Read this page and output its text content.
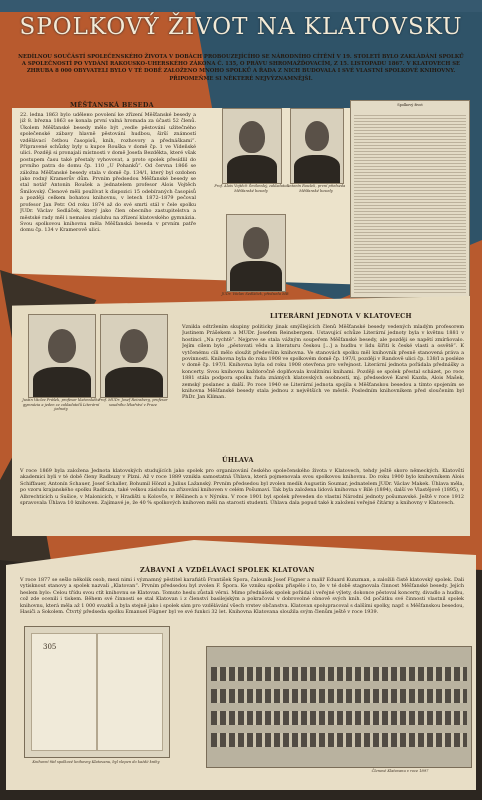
SPOLKOVÝ ŽIVOT NA KLATOVSKU
NEDÍLNOU SOUČÁSTÍ SPOLEČENSKÉHO ŽIVOTA V DOBÁCH PROBOUZEJÍCÍHO SE NÁRODNÍHO CÍTĚNÍ V 19. STOLETÍ BYLO ZAKLÁDÁNÍ SPOLKŮ A SPOLEČNOSTÍ PO VYDÁNÍ RAKOUSKO-UHERSKÉHO ZÁKONA Č. 135, O PRÁVU SHROMAŽĎOVACÍM, Z 15. LISTOPADU 1867. V KLATOVECH SE ZHRUBA 8 000 OBYVATELI BYLO V TÉ DOBĚ ZALOŽENO MNOHO SPOLKŮ A ŘADA Z NICH BUDOVALA I SVÉ VLASTNÍ SPOLKOVÉ KNIHOVNY. PŘIPOMEŇME SI NĚKTERÉ NEJVÝZNAMNĚJŠÍ.
MĚŠŤANSKÁ BESEDA
22. ledna 1863 bylo udělено povolení ke zřízení Měšťanské besedy a již 8. března 1863 se konala první valná hromada za účasti 52 členů. Úkolem Měšťanské besedy mělo být „vedle pěstování užitečného společenské zábavy hlavně pěstování hudbou, širší známostí vzdělávací četbou časopisů, knih, rozhovory a přednáškami“. Připravené schůzky byly u kupce Rouška v domě čp. 1 ve Vídeňské ulici. Později si pronajali místnosti v domě Josefa Bezděkta, které však postupem času také přestaly vyhovovat, a proto spolek přesídlil do prvního patra do domu čp. 110 „U Pohanků“. Od června 1866 se záložna Měšťanské besedy stala v domě čp. 134/1, který byl ozdoben jako rodný Kramerův dům. Prvním předsedou Měšťanské besedy se stal notář Antonín Roušek a jednatelem profesor Alois Vojtěch Šmilovský. Členové měli používat k dispozici 15 odebíraných časopisů a později celkem bohatou knihovnu, v letech 1872–1879 pečoval profesor Jan Petr. Od roku 1874 až do své smrti stál v čele spolku JUDr. Václav Sedláček, který jako člen obecního zastupitelstva a městské rady měl i nemalou zásluhu na zřízení klatovského gymnázia. Svou spolkovou knihovnu měla Měšťanská beseda v prvním patře domu čp. 134 v Kramerově ulici.
Prof. Alois Vojtěch Šmilovský, zakladatel Měšťanské besedy
Antonín Roušek, první předseda Měšťanské besedy
JUDr. Václav Sedláček, předseda MB
Spolkový život
Justin Václav Prášek, profesor klatovského gymnázia a jeden ze zakladatelů Literární jednoty
Prof. MUDr. Josef Reinsberg, profesor soudního lékařství v Praze
LITERÁRNÍ JEDNOTA V KLATOVECH
Vznikla odtržením skupiny politicky jinak smýšlejících členů Měšťanské besedy vedených mladým profesorem Justinem Prášekem a MUDr. Josefem Reinsbergem. Ustavující schůze Literární jednoty byla v květnu 1881 v hostinci „Na rychtě“. Nejprve se stala vážným soupeřem Měšťanské besedy, ale později se napětí zmírňovalo. Jejím cílem bylo „pěstovati vědu a literaturu českou [...] a hudbu v lidu šířiti k české vlasti a osvětě“. K vytčenému cíli mělo sloužit především knihovna. Ve stanovách spolku měl knihovník přesně stanovená práva a povinnosti. Knihovna byla do roku 1908 ve spolkovém domě čp. 197/I, později v Randově ulici čp. 138/I a posléze v domě čp. 197/I. Knihovna byla od roku 1908 otevřena pro veřejnost. Literární jednota pořádala přednášky a koncerty. Svou knihovnu každoročně doplňovala kvalitními knihami. Později se spolek přestal scházet, po roce 1881 stála podpora spolku řada známých klatovských osobností, mj. předsedové Karel Kazda, Alois Mašek, zemský poslanec a další. Po roce 1940 se Literární jednota spojila s Měšťanskou besedou a tímto spojením se knihovna Měšťanské besedy stala jednou z největších ve městě. Posledním knihovníkem před sloučením byl PhDr. Jan Klíman.
ÚHLAVA
V roce 1869 byla založena Jednota klatovských studujících jako spolek pro organizování českého společenského života v Klatovech, tehdy ještě skoro německých. Klatovští akademici byli v té době členy Radbuzy v Plzni. Až v roce 1889 vznikla samostatná Úhlava, která pojmenovala svou spolkovou knihovnu. Do roku 1900 bylo knihovníkem Alois Schiffauer, Antonín Schauer, Josef Schaller, Bohumil Hönzl a Julius Lažanský. Prvním předsedou byl zvolen medik Augustin Soumar, jednatelem JUDr. Václav Makek. Úhlava měla, po vzoru krajanského spolku Radbuza, také velkou zásluhu na zřizování knihoven v celém Pošumaví. Tak byla založena lidová knihovna v Bílé (1894), další ve Vlastějově (1895), v Albrechticích u Sušice, v Malonicích, v Hradišti u Kolovče, v Běšinech a v Nýrsku. V roce 1901 byl spolek převeden do vlastní Národní jednoty pošumavské. Ještě v roce 1912 spravovala Úhlava 10 knihoven. Zajímavé je, že 40 % spolkových knihoven měli na starosti studenti. Úhlava dala popud také k založení veřejné čítárny a knihovny v Klatovech.
ZÁBAVNÍ A VZDĚLÁVACÍ SPOLEK KLATOVAN
V roce 1877 se sešlo několik osob, mezi nimi i významný pěstitel karafiátů František Špora, čalouník Josef Fügner a malíř Eduard Kunzman, a založili čistě klatovský spolek. Dali vytisknout stanovy a spolek nazvali „Klatovan“. Prvním předsedou byl zvolen F. Špora. Ke vzniku spolku přispělo i to, že v té době stagnovala činnost Měšťanské besedy. Jejích heslem bylo: Celou třídu svou ctít knihovnu se Klatovan. Tomuto heslu zůstali věrni. Mimo přednášek spolek pořádal i veřejné výlety, dokonce pěstoval koncerty, divadlo a hudbu, což zde ocenili i tiskem. Během své činnosti se stal Klatovan i z členství basilejským a pokračoval v dobrovolné obnově svých knih. Od počátku své činnosti vlastnil spolek knihovnu, která měla až 1 000 svazků a byla stejně jako i spolek sám pro vzdělávání všech vrstev občanstva. Klatovan spolupracoval s dalšími spolky, např. s Měšťanskou besedou, Hasiči a Sokolem. Čtvrtý předseda spolku Emanuel Fügner byl ve své funkci 32 let. Knihovna Klatovana sloužila svým členům ještě v roce 1939.
305
Knihovní řád spolkové knihovny Klatovanu, byl vlepen do každé knihy
Členové Klatovanu v roce 1897
